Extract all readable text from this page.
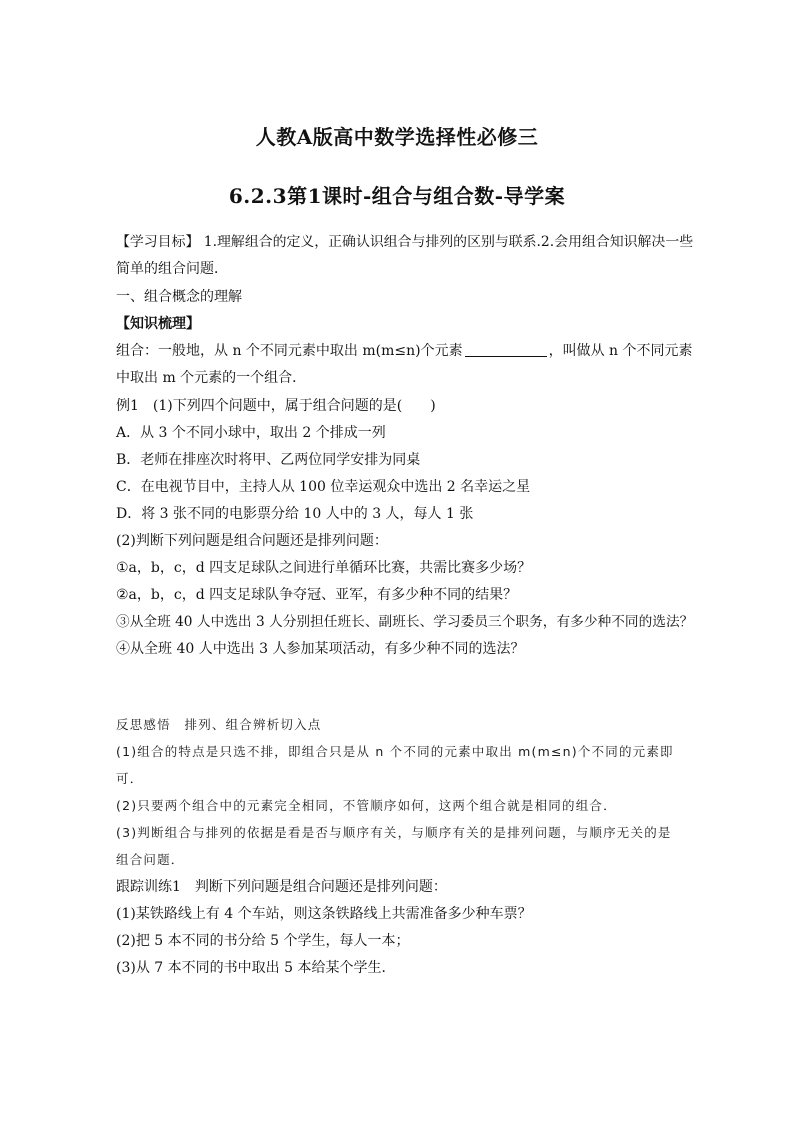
人教A版高中数学选择性必修三
6.2.3第1课时-组合与组合数-导学案
【学习目标】 1.理解组合的定义，正确认识组合与排列的区别与联系.2.会用组合知识解决一些
简单的组合问题．
一、组合概念的理解
【知识梳理】
组合：一般地，从 n 个不同元素中取出 m(m≤n)个元素	，叫做从 n 个不同元素
中取出 m 个元素的一个组合．
例1　(1)下列四个问题中，属于组合问题的是(　　)
A．从 3 个不同小球中，取出 2 个排成一列
B．老师在排座次时将甲、乙两位同学安排为同桌
C．在电视节目中，主持人从 100 位幸运观众中选出 2 名幸运之星
D．将 3 张不同的电影票分给 10 人中的 3 人，每人 1 张
(2)判断下列问题是组合问题还是排列问题：
①a，b，c，d 四支足球队之间进行单循环比赛，共需比赛多少场？
②a，b，c，d 四支足球队争夺冠、亚军，有多少种不同的结果？
③从全班 40 人中选出 3 人分别担任班长、副班长、学习委员三个职务，有多少种不同的选法？
④从全班 40 人中选出 3 人参加某项活动，有多少种不同的选法？
反思感悟　排列、组合辨析切入点
(1)组合的特点是只选不排，即组合只是从 n 个不同的元素中取出 m(m≤n)个不同的元素即
可．
(2)只要两个组合中的元素完全相同，不管顺序如何，这两个组合就是相同的组合．
(3)判断组合与排列的依据是看是否与顺序有关，与顺序有关的是排列问题，与顺序无关的是
组合问题．
跟踪训练1　判断下列问题是组合问题还是排列问题：
(1)某铁路线上有 4 个车站，则这条铁路线上共需准备多少种车票？
(2)把 5 本不同的书分给 5 个学生，每人一本；
(3)从 7 本不同的书中取出 5 本给某个学生．
